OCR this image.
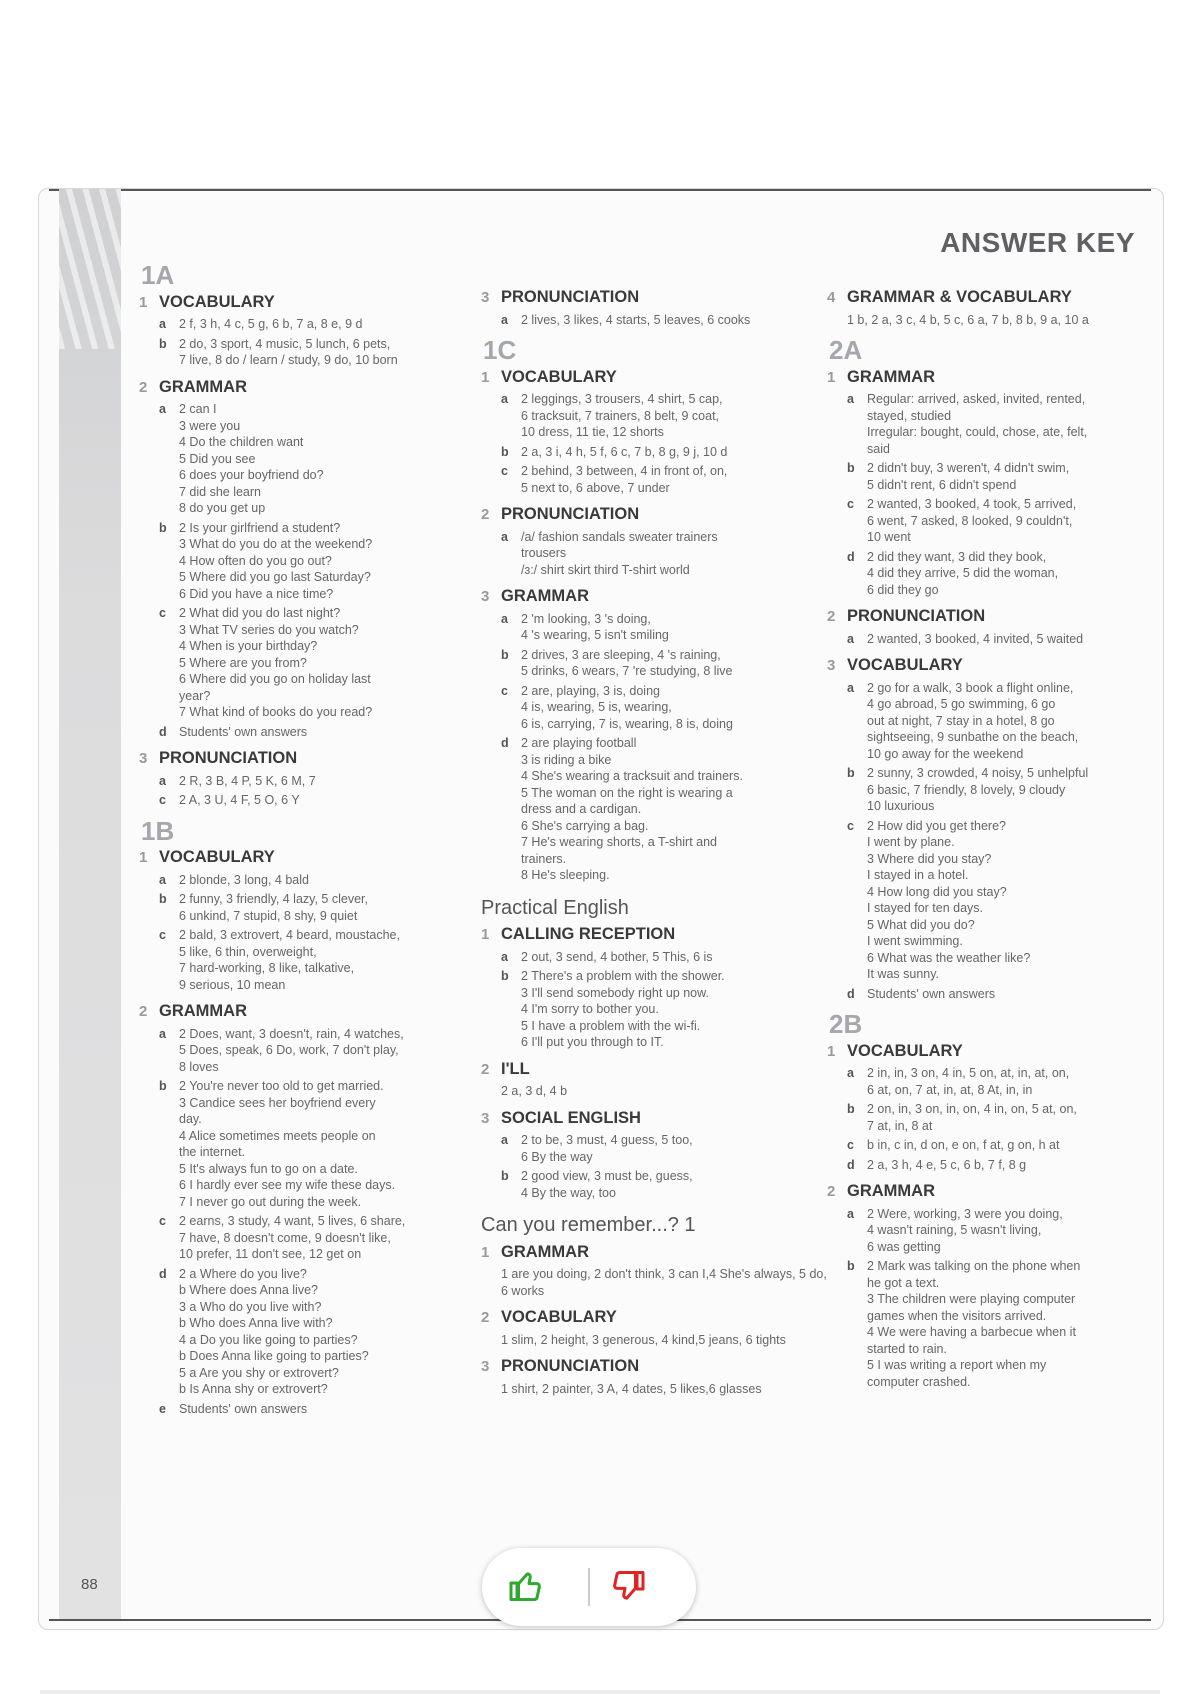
ANSWER KEY
88
1A
1 VOCABULARY
a	2 f, 3 h, 4 c, 5 g, 6 b, 7 a, 8 e, 9 d
b 2 do, 3 sport, 4 music, 5 lunch, 6 pets,
7 live, 8 do / learn / study, 9 do, 10 born
2 GRAMMAR
a	2 can I
3 were you
4 Do the children want
5 Did you see
6 does your boyfriend do?
7 did she learn
8 do you get up
b 2 Is your girlfriend a student?
3 What do you do at the weekend?
4 How often do you go out?
5 Where did you go last Saturday?
6 Did you have a nice time?
c	2 What did you do last night?
3 What TV series do you watch?
4 When is your birthday?
5 Where are you from?
6 Where did you go on holiday last
year?
7 What kind of books do you read?
d Students' own answers
3 PRONUNCIATION
a	2 R, 3 B, 4 P, 5 K, 6 M, 7
c	2 A, 3 U, 4 F, 5 O, 6 Y
1B
1 VOCABULARY
a	2 blonde, 3 long, 4 bald
b 2 funny, 3 friendly, 4 lazy, 5 clever,
6 unkind, 7 stupid, 8 shy, 9 quiet
c	2 bald, 3 extrovert, 4 beard, moustache,
5 like, 6 thin, overweight,
7 hard-working, 8 like, talkative,
9 serious, 10 mean
2 GRAMMAR
a	2 Does, want, 3 doesn't, rain, 4 watches,
5 Does, speak, 6 Do, work, 7 don't play,
8 loves
b 2 You're never too old to get married.
3 Candice sees her boyfriend every
day.
4 Alice sometimes meets people on
the internet.
5 It's always fun to go on a date.
6 I hardly ever see my wife these days.
7 I never go out during the week.
c	2 earns, 3 study, 4 want, 5 lives, 6 share,
7 have, 8 doesn't come, 9 doesn't like,
10 prefer, 11 don't see, 12 get on
d 2 a Where do you live?
b Where does Anna live?
3 a Who do you live with?
b Who does Anna live with?
4 a Do you like going to parties?
b Does Anna like going to parties?
5 a Are you shy or extrovert?
b Is Anna shy or extrovert?
e	Students' own answers
3 PRONUNCIATION
a	2 lives, 3 likes, 4 starts, 5 leaves, 6 cooks
1C
1 VOCABULARY
a	2 leggings, 3 trousers, 4 shirt, 5 cap,
6 tracksuit, 7 trainers, 8 belt, 9 coat,
10 dress, 11 tie, 12 shorts
b 2 a, 3 i, 4 h, 5 f, 6 c, 7 b, 8 g, 9 j, 10 d
c	2 behind, 3 between, 4 in front of, on,
5 next to, 6 above, 7 under
2 PRONUNCIATION
a	/a/ fashion sandals sweater trainers
trousers
/ɜ:/ shirt skirt third T-shirt world
3 GRAMMAR
a	2 'm looking, 3 's doing,
4 's wearing, 5 isn't smiling
b 2 drives, 3 are sleeping, 4 's raining,
5 drinks, 6 wears, 7 're studying, 8 live
c	2 are, playing, 3 is, doing
4 is, wearing, 5 is, wearing,
6 is, carrying, 7 is, wearing, 8 is, doing
d 2 are playing football
3 is riding a bike
4 She's wearing a tracksuit and trainers.
5 The woman on the right is wearing a
dress and a cardigan.
6 She's carrying a bag.
7 He's wearing shorts, a T-shirt and
trainers.
8 He's sleeping.
Practical English
1 CALLING RECEPTION
a	2 out, 3 send, 4 bother, 5 This, 6 is
b 2 There's a problem with the shower.
3 I'll send somebody right up now.
4 I'm sorry to bother you.
5 I have a problem with the wi-fi.
6 I'll put you through to IT.
2 I'LL
2 a, 3 d, 4 b
3 SOCIAL ENGLISH
a	2 to be, 3 must, 4 guess, 5 too,
6 By the way
b 2 good view, 3 must be, guess,
4 By the way, too
Can you remember...? 1
1 GRAMMAR
1 are you doing, 2 don't think, 3 can I,4 She's always, 5 do, 6 works
2 VOCABULARY
1 slim, 2 height, 3 generous, 4 kind,5 jeans, 6 tights
3 PRONUNCIATION
1 shirt, 2 painter, 3 A, 4 dates, 5 likes,6 glasses
4 GRAMMAR & VOCABULARY
1 b, 2 a, 3 c, 4 b, 5 c, 6 a, 7 b, 8 b, 9 a, 10 a
2A
1 GRAMMAR
a	Regular: arrived, asked, invited, rented,
stayed, studied
Irregular: bought, could, chose, ate, felt,
said
b 2 didn't buy, 3 weren't, 4 didn't swim,
5 didn't rent, 6 didn't spend
c	2 wanted, 3 booked, 4 took, 5 arrived,
6 went, 7 asked, 8 looked, 9 couldn't,
10 went
d 2 did they want, 3 did they book,
4 did they arrive, 5 did the woman,
6 did they go
2 PRONUNCIATION
a	2 wanted, 3 booked, 4 invited, 5 waited
3 VOCABULARY
a	2 go for a walk, 3 book a flight online,
4 go abroad, 5 go swimming, 6 go
out at night, 7 stay in a hotel, 8 go
sightseeing, 9 sunbathe on the beach,
10 go away for the weekend
b 2 sunny, 3 crowded, 4 noisy, 5 unhelpful
6 basic, 7 friendly, 8 lovely, 9 cloudy
10 luxurious
c	2 How did you get there?
I went by plane.
3 Where did you stay?
I stayed in a hotel.
4 How long did you stay?
I stayed for ten days.
5 What did you do?
I went swimming.
6 What was the weather like?
It was sunny.
d Students' own answers
2B
1 VOCABULARY
a	2 in, in, 3 on, 4 in, 5 on, at, in, at, on,
6 at, on, 7 at, in, at, 8 At, in, in
b 2 on, in, 3 on, in, on, 4 in, on, 5 at, on,
7 at, in, 8 at
c	b in, c in, d on, e on, f at, g on, h at
d 2 a, 3 h, 4 e, 5 c, 6 b, 7 f, 8 g
2 GRAMMAR
a	2 Were, working, 3 were you doing,
4 wasn't raining, 5 wasn't living,
6 was getting
b 2 Mark was talking on the phone when
he got a text.
3 The children were playing computer
games when the visitors arrived.
4 We were having a barbecue when it
started to rain.
5 I was writing a report when my
computer crashed.
